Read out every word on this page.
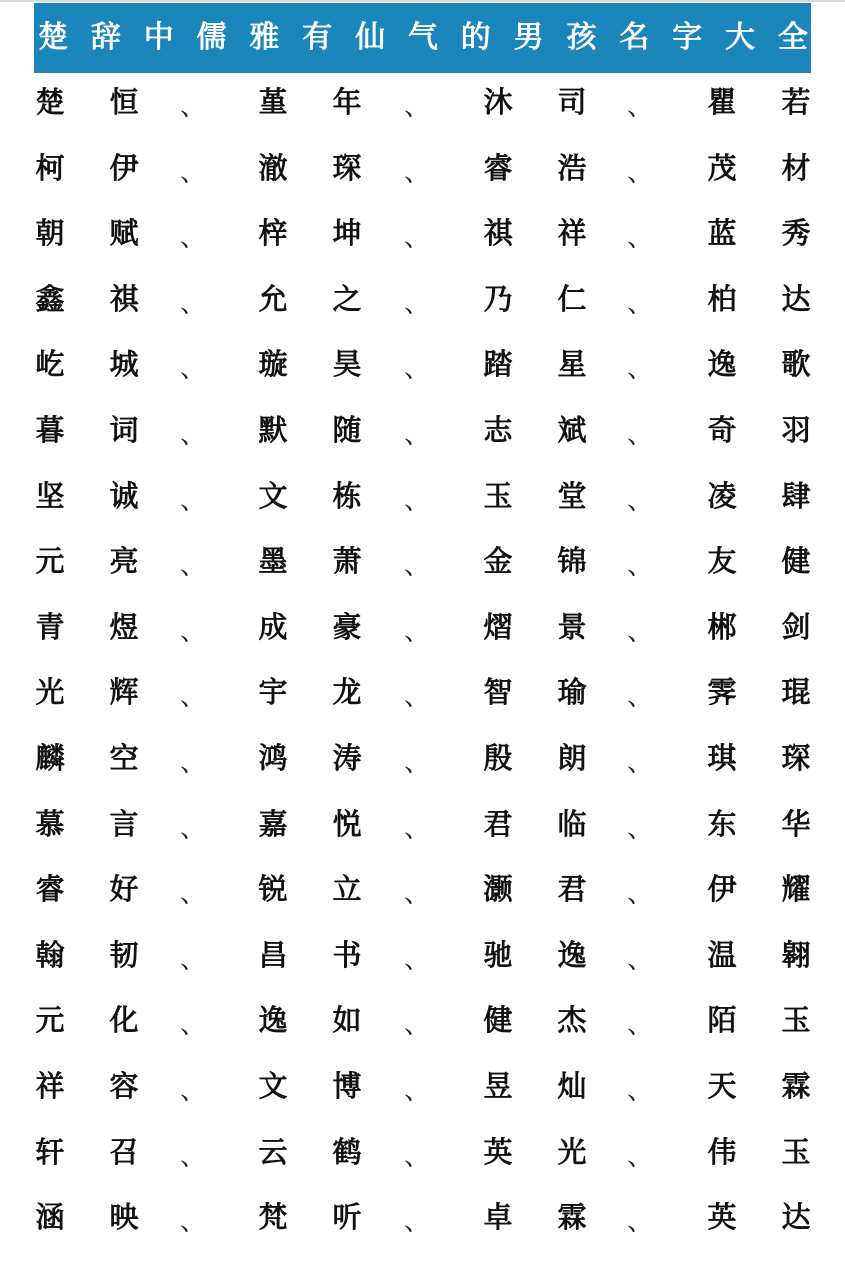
楚 辞 中 儒 雅 有 仙 气 的 男 孩 名 字 大 全
楚 恒 、 堇 年 、 沐 司 、 瞿 若
柯 伊 、 澈 琛 、 睿 浩 、 茂 材
朝 赋 、 梓 坤 、 祺 祥 、 蓝 秀
鑫 祺 、 允 之 、 乃 仁 、 柏 达
屹 城 、 璇 昊 、 踏 星 、 逸 歌
暮 词 、 默 随 、 志 斌 、 奇 羽
坚 诚 、 文 栋 、 玉 堂 、 凌 肆
元 亮 、 墨 萧 、 金 锦 、 友 健
青 煜 、 成 豪 、 熠 景 、 郴 剑
光 辉 、 宇 龙 、 智 瑜 、 霁 琨
麟 空 、 鸿 涛 、 殷 朗 、 琪 琛
慕 言 、 嘉 悦 、 君 临 、 东 华
睿 好 、 锐 立 、 灏 君 、 伊 耀
翰 韧 、 昌 书 、 驰 逸 、 温 翱
元 化 、 逸 如 、 健 杰 、 陌 玉
祥 容 、 文 博 、 昱 灿 、 天 霖
轩 召 、 云 鹤 、 英 光 、 伟 玉
涵 映 、 梵 听 、 卓 霖 、 英 达
